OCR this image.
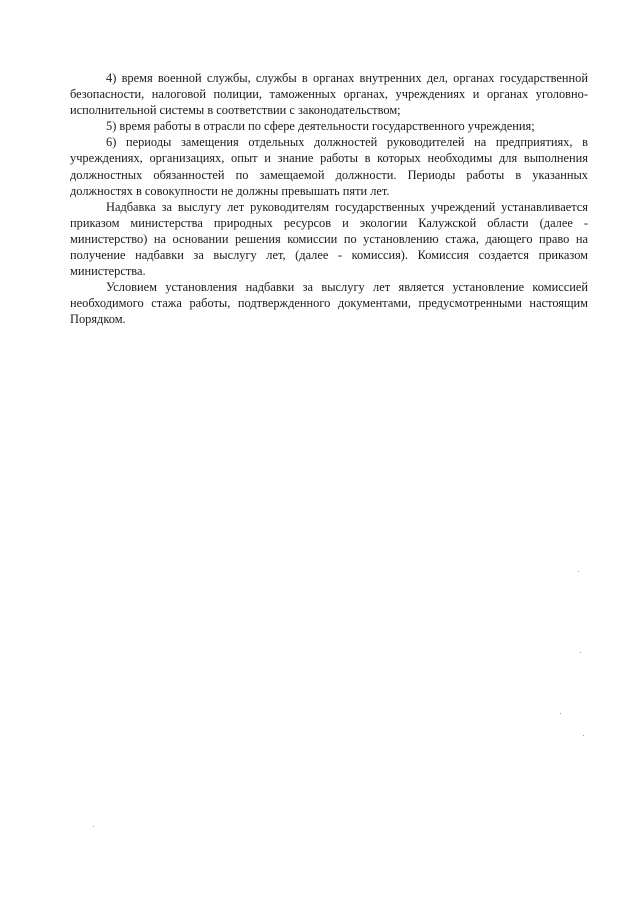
4) время военной службы, службы в органах внутренних дел, органах государственной безопасности, налоговой полиции, таможенных органах, учреждениях и органах уголовно-исполнительной системы в соответствии с законодательством;

5) время работы в отрасли по сфере деятельности государственного учреждения;

6) периоды замещения отдельных должностей руководителей на предприятиях, в учреждениях, организациях, опыт и знание работы в которых необходимы для выполнения должностных обязанностей по замещаемой должности. Периоды работы в указанных должностях в совокупности не должны превышать пяти лет.

Надбавка за выслугу лет руководителям государственных учреждений устанавливается приказом министерства природных ресурсов и экологии Калужской области (далее - министерство) на основании решения комиссии по установлению стажа, дающего право на получение надбавки за выслугу лет, (далее - комиссия). Комиссия создается приказом министерства.

Условием установления надбавки за выслугу лет является установление комиссией необходимого стажа работы, подтвержденного документами, предусмотренными настоящим Порядком.
